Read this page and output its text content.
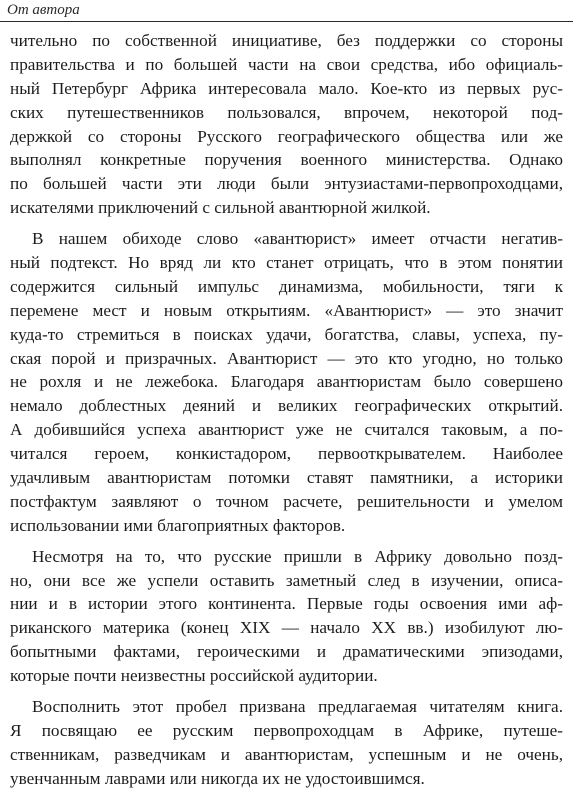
От автора
чительно по собственной инициативе, без поддержки со стороны
правительства и по большей части на свои средства, ибо официаль-
ный Петербург Африка интересовала мало. Кое-кто из первых рус-
ских путешественников пользовался, впрочем, некоторой под-
держкой со стороны Русского географического общества или же
выполнял конкретные поручения военного министерства. Однако
по большей части эти люди были энтузиастами-первопроходцами,
искателями приключений с сильной авантюрной жилкой.
В нашем обиходе слово «авантюрист» имеет отчасти негатив-
ный подтекст. Но вряд ли кто станет отрицать, что в этом понятии
содержится сильный импульс динамизма, мобильности, тяги к
перемене мест и новым открытиям. «Авантюрист» — это значит
куда-то стремиться в поисках удачи, богатства, славы, успеха, пу-
ская порой и призрачных. Авантюрист — это кто угодно, но только
не рохля и не лежебока. Благодаря авантюристам было совершено
немало доблестных деяний и великих географических открытий.
А добившийся успеха авантюрист уже не считался таковым, а по-
читался героем, конкистадором, первооткрывателем. Наиболее
удачливым авантюристам потомки ставят памятники, а историки
постфактум заявляют о точном расчете, решительности и умелом
использовании ими благоприятных факторов.
Несмотря на то, что русские пришли в Африку довольно позд-
но, они все же успели оставить заметный след в изучении, описа-
нии и в истории этого континента. Первые годы освоения ими аф-
риканского материка (конец XIX — начало XX вв.) изобилуют лю-
бопытными фактами, героическими и драматическими эпизодами,
которые почти неизвестны российской аудитории.
Восполнить этот пробел призвана предлагаемая читателям книга.
Я посвящаю ее русским первопроходцам в Африке, путеше-
ственникам, разведчикам и авантюристам, успешным и не очень,
увенчанным лаврами или никогда их не удостоившимся.
